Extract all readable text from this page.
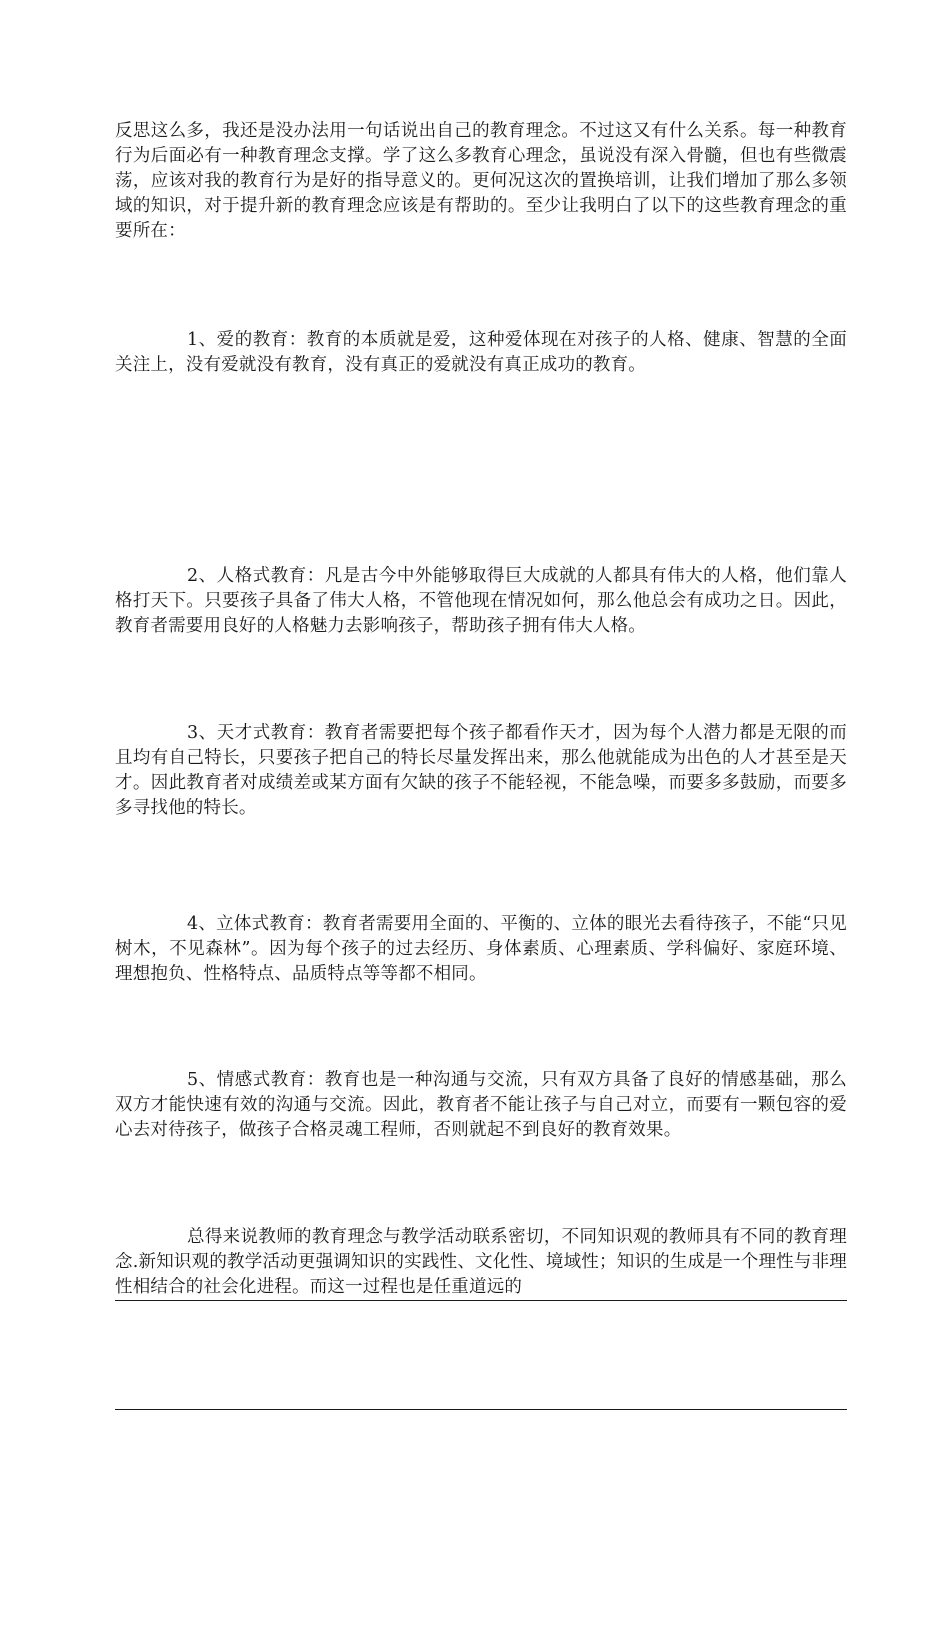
反思这么多，我还是没办法用一句话说出自己的教育理念。不过这又有什么关系。每一种教育行为后面必有一种教育理念支撑。学了这么多教育心理念，虽说没有深入骨髓，但也有些微震荡，应该对我的教育行为是好的指导意义的。更何况这次的置换培训，让我们增加了那么多领域的知识，对于提升新的教育理念应该是有帮助的。至少让我明白了以下的这些教育理念的重要所在：

1、爱的教育：教育的本质就是爱，这种爱体现在对孩子的人格、健康、智慧的全面关注上，没有爱就没有教育，没有真正的爱就没有真正成功的教育。

2、人格式教育：凡是古今中外能够取得巨大成就的人都具有伟大的人格，他们靠人格打天下。只要孩子具备了伟大人格，不管他现在情况如何，那么他总会有成功之日。因此，教育者需要用良好的人格魅力去影响孩子，帮助孩子拥有伟大人格。

3、天才式教育：教育者需要把每个孩子都看作天才，因为每个人潜力都是无限的而且均有自己特长，只要孩子把自己的特长尽量发挥出来，那么他就能成为出色的人才甚至是天才。因此教育者对成绩差或某方面有欠缺的孩子不能轻视，不能急噪，而要多多鼓励，而要多多寻找他的特长。

4、立体式教育：教育者需要用全面的、平衡的、立体的眼光去看待孩子，不能“只见树木，不见森林”。因为每个孩子的过去经历、身体素质、心理素质、学科偏好、家庭环境、理想抱负、性格特点、品质特点等等都不相同。

5、情感式教育：教育也是一种沟通与交流，只有双方具备了良好的情感基础，那么双方才能快速有效的沟通与交流。因此，教育者不能让孩子与自己对立，而要有一颗包容的爱心去对待孩子，做孩子合格灵魂工程师，否则就起不到良好的教育效果。

总得来说教师的教育理念与教学活动联系密切，不同知识观的教师具有不同的教育理念.新知识观的教学活动更强调知识的实践性、文化性、境域性；知识的生成是一个理性与非理性相结合的社会化进程。而这一过程也是任重道远的
